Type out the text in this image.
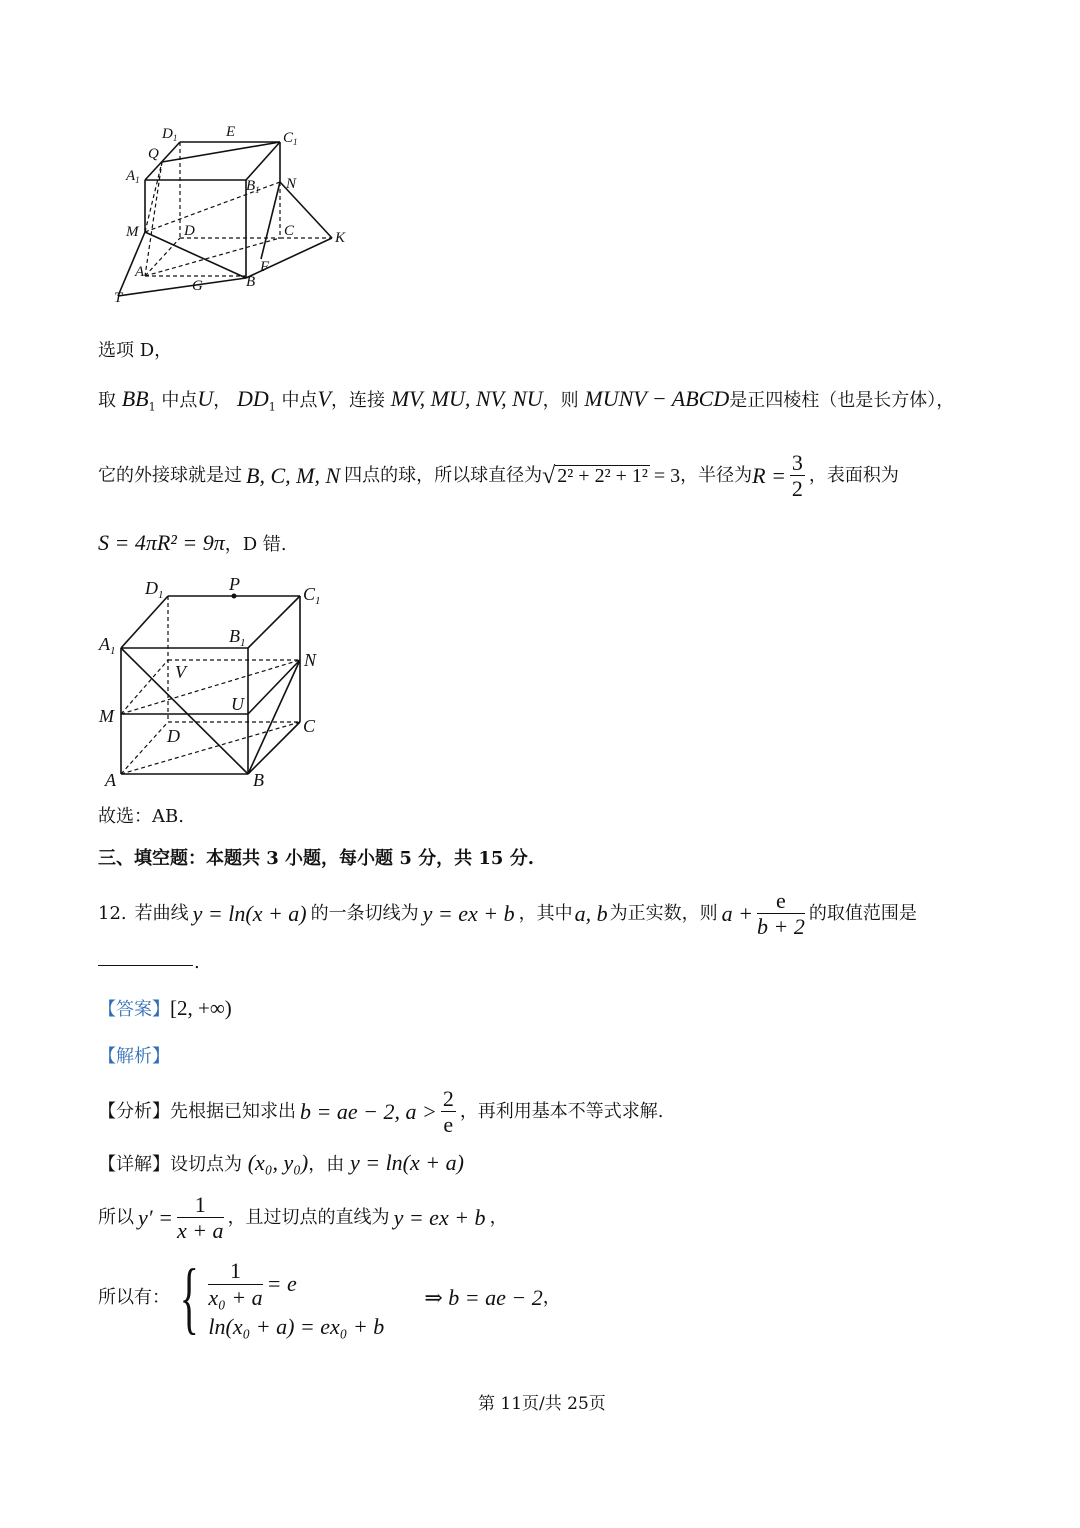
$D_1$	E	$C_1$
Q
$A_1$	$B_1$ N
M	D	C	K
A	F
G	B
T
选项 D，
取 $BB_1$ 中点U， $DD_1$ 中点V，连接 MV, MU, NV, NU，则 MUNV − ABCD是正四棱柱（也是长方体），
它的外接球就是过 B, C, M, N 四点的球，所以球直径为 √ 2² + 2² + 1² = 3 ，半径为 $R = \frac{3}{2}$ ，表面积为
S = 4πR² = 9π，D 错.
$D_1$
P	$C_1$
$A_1$
$B_1$
N
V
M
U
C
D
A	B
故选：AB.
三、填空题：本题共 3 小题，每小题 5 分，共 15 分.
12. 若曲线 y = ln(x + a) 的一条切线为 y = ex + b ，其中 a, b 为正实数，则 $a + \frac{e}{b + 2}$ 的取值范围是
.
【答案】[2, +∞)
【解析】
【分析】 先根据已知求出 b = ae − 2, $a > \frac{2}{e}$ ，再利用基本不等式求解.
【详解】设切点为 (x₀, y₀)，由 y = ln(x + a)
所以 $y' = \frac{1}{x + a}$ ，且过切点的直线为 y = ex + b ，
所以有： { $\frac{1}{\text{x₀ + a}} = e$
ln(x₀ + a) = ex₀ + b
⇒ b = ae − 2 ，
第 11页/共 25页
